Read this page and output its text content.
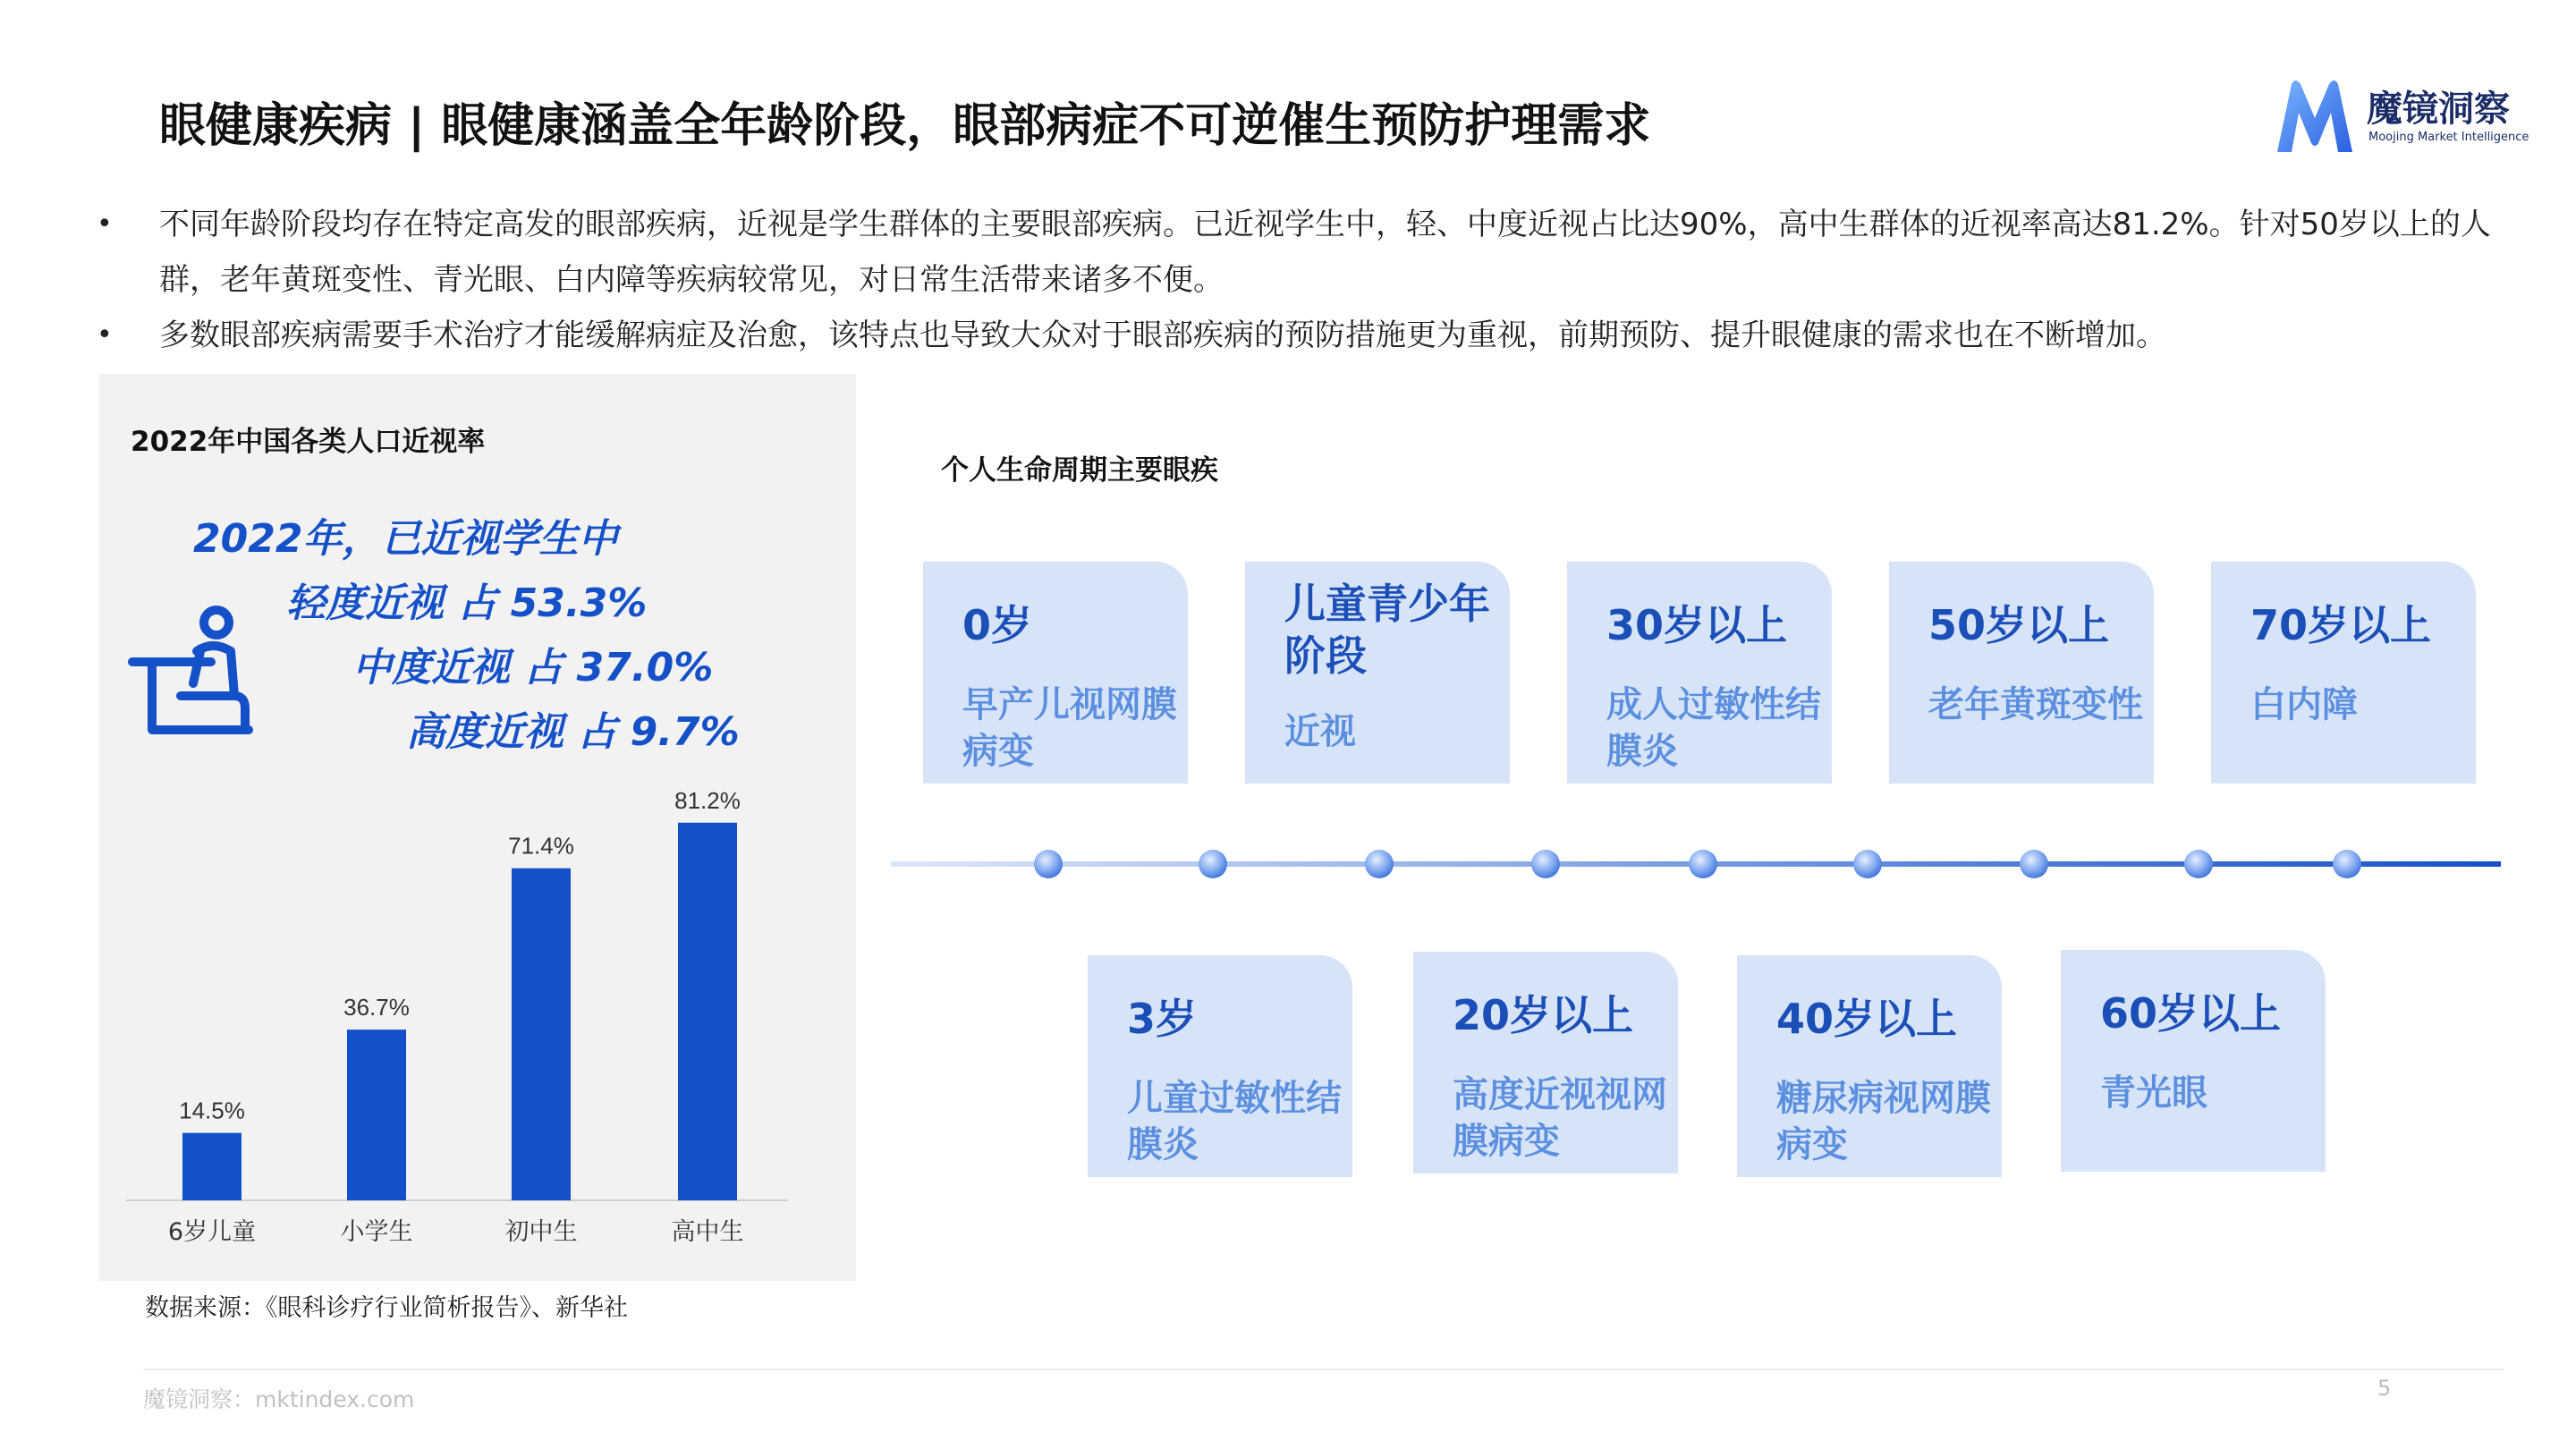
眼健康疾病 | 眼健康涵盖全年龄阶段，眼部病症不可逆催生预防护理需求	魔镜洞察
Moojing Market Intelligence
• 不同年龄阶段均存在特定高发的眼部疾病，近视是学生群体的主要眼部疾病。已近视学生中，轻、中度近视占比达90%，高中生群体的近视率高达81.2%。针对50岁以上的人群，老年黄斑变性、青光眼、白内障等疾病较常见，对日常生活带来诸多不便。
• 多数眼部疾病需要手术治疗才能缓解病症及治愈，该特点也导致大众对于眼部疾病的预防措施更为重视，前期预防、提升眼健康的需求也在不断增加。
2022年中国各类人口近视率
2022年，已近视学生中
轻度近视 占 53.3%
中度近视 占 37.0%
高度近视 占 9.7%
14.5%
6岁儿童
36.7%
小学生
71.4%
初中生
81.2%
高中生
数据来源：《眼科诊疗行业简析报告》、新华社
个人生命周期主要眼疾
0岁
早产儿视网膜病变
儿童青少年阶段
近视
30岁以上
成人过敏性结膜炎
50岁以上
老年黄斑变性
70岁以上
白内障
3岁
儿童过敏性结膜炎
20岁以上
高度近视视网膜病变
40岁以上
糖尿病视网膜病变
60岁以上
青光眼
魔镜洞察：mktindex.com	5
